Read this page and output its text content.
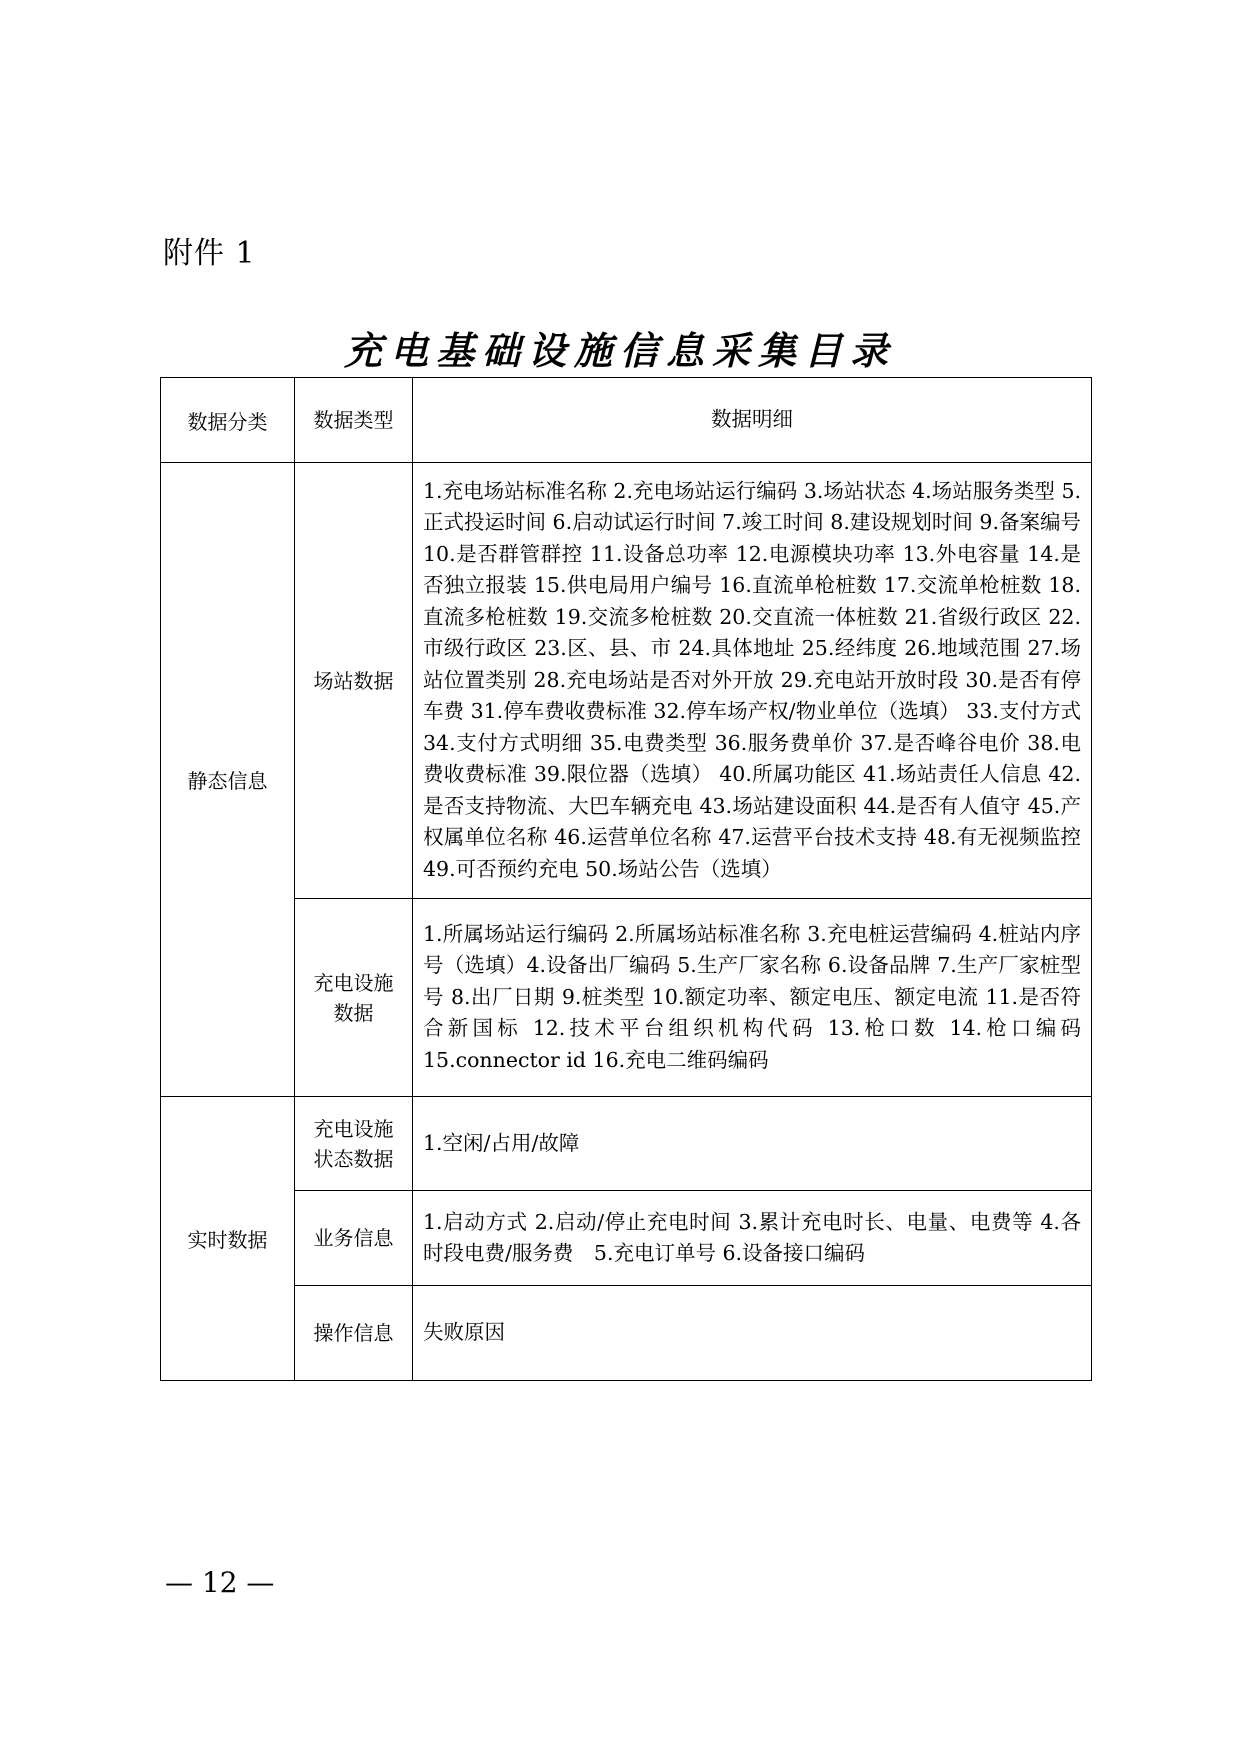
附件 1
充电基础设施信息采集目录
数据分类	数据类型	数据明细
静态信息	场站数据	1.充电场站标准名称 2.充电场站运行编码 3.场站状态 4.场站服务类型 5.正式投运时间 6.启动试运行时间 7.竣工时间 8.建设规划时间 9.备案编号 10.是否群管群控 11.设备总功率 12.电源模块功率 13.外电容量 14.是否独立报装 15.供电局用户编号 16.直流单枪桩数 17.交流单枪桩数 18.直流多枪桩数 19.交流多枪桩数 20.交直流一体桩数 21.省级行政区 22.市级行政区 23.区、县、市 24.具体地址 25.经纬度 26.地域范围 27.场站位置类别 28.充电场站是否对外开放 29.充电站开放时段 30.是否有停车费 31.停车费收费标准 32.停车场产权/物业单位（选填） 33.支付方式 34.支付方式明细 35.电费类型 36.服务费单价 37.是否峰谷电价 38.电费收费标准 39.限位器（选填） 40.所属功能区 41.场站责任人信息 42.是否支持物流、大巴车辆充电 43.场站建设面积 44.是否有人值守 45.产权属单位名称 46.运营单位名称 47.运营平台技术支持 48.有无视频监控 49.可否预约充电 50.场站公告（选填）
	充电设施数据	1.所属场站运行编码 2.所属场站标准名称 3.充电桩运营编码 4.桩站内序号（选填）4.设备出厂编码 5.生产厂家名称 6.设备品牌 7.生产厂家桩型号 8.出厂日期 9.桩类型 10.额定功率、额定电压、额定电流 11.是否符合新国标 12.技术平台组织机构代码 13.枪口数 14.枪口编码 15.connector id 16.充电二维码编码
实时数据	充电设施状态数据	1.空闲/占用/故障
	业务信息	1.启动方式 2.启动/停止充电时间 3.累计充电时长、电量、电费等 4.各时段电费/服务费　5.充电订单号 6.设备接口编码
	操作信息	失败原因
— 12 —
